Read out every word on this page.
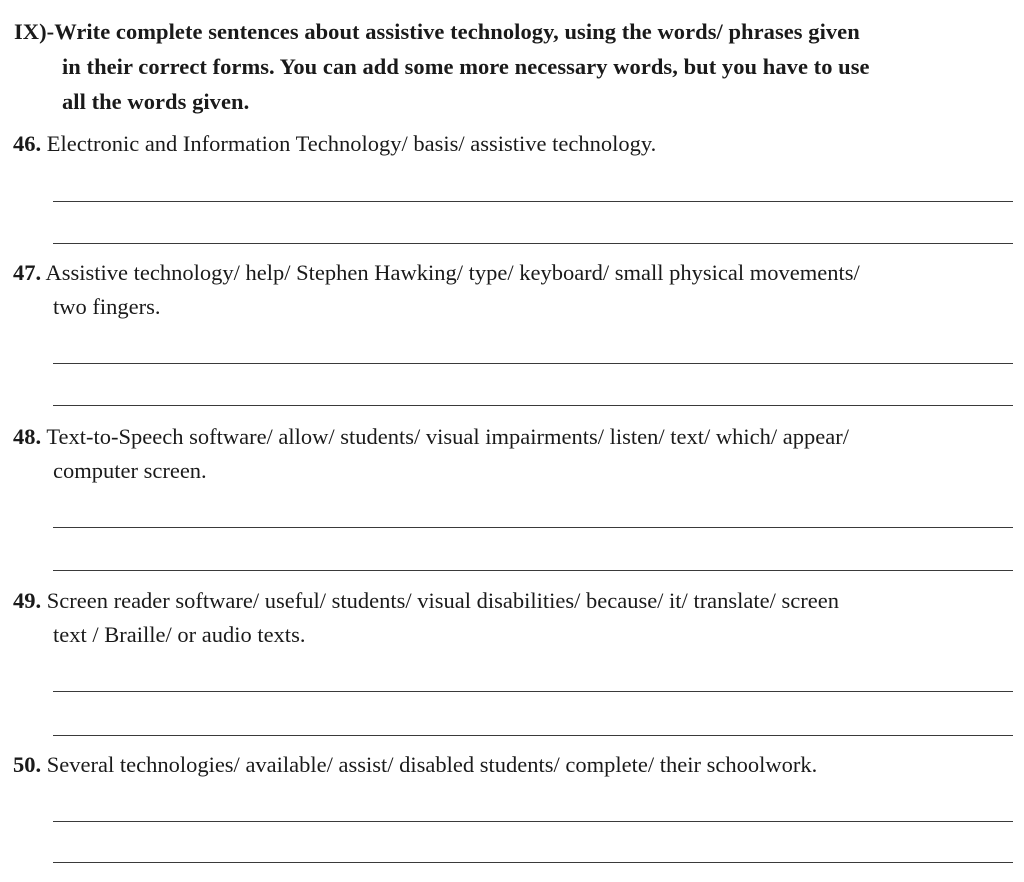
IX)-Write complete sentences about assistive technology, using the words/ phrases given
in their correct forms. You can add some more necessary words, but you have to use
all the words given.
46. Electronic and Information Technology/ basis/ assistive technology.
47. Assistive technology/ help/ Stephen Hawking/ type/ keyboard/ small physical movements/
two fingers.
48. Text-to-Speech software/ allow/ students/ visual impairments/ listen/ text/ which/ appear/
computer screen.
49. Screen reader software/ useful/ students/ visual disabilities/ because/ it/ translate/ screen
text / Braille/ or audio texts.
50. Several technologies/ available/ assist/ disabled students/ complete/ their schoolwork.
